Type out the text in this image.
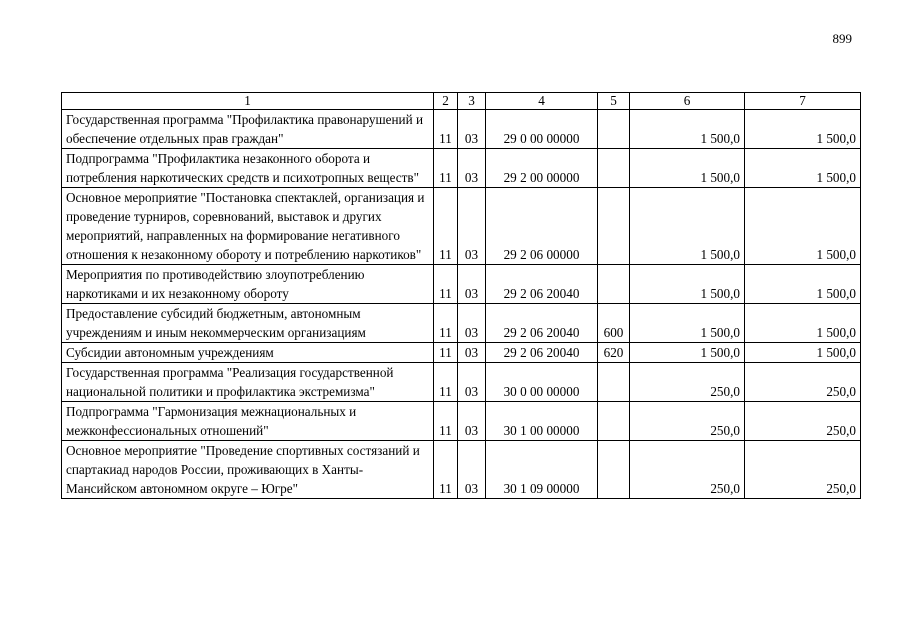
899
1	2	3	4	5	6	7
Государственная программа "Профилактика правонарушений и обеспечение отдельных прав граждан"	11	03	29 0 00 00000		1 500,0	1 500,0
Подпрограмма "Профилактика незаконного оборота и потребления наркотических средств и психотропных веществ"	11	03	29 2 00 00000		1 500,0	1 500,0
Основное мероприятие "Постановка спектаклей, организация и проведение турниров, соревнований, выставок и других мероприятий, направленных на формирование негативного отношения к незаконному обороту и потреблению наркотиков"	11	03	29 2 06 00000		1 500,0	1 500,0
Мероприятия по противодействию злоупотреблению наркотиками и их незаконному обороту	11	03	29 2 06 20040		1 500,0	1 500,0
Предоставление субсидий бюджетным, автономным учреждениям и иным некоммерческим организациям	11	03	29 2 06 20040	600	1 500,0	1 500,0
Субсидии автономным учреждениям	11	03	29 2 06 20040	620	1 500,0	1 500,0
Государственная программа "Реализация государственной национальной политики и профилактика экстремизма"	11	03	30 0 00 00000		250,0	250,0
Подпрограмма "Гармонизация межнациональных и межконфессиональных отношений"	11	03	30 1 00 00000		250,0	250,0
Основное мероприятие "Проведение спортивных состязаний и спартакиад народов России, проживающих в Ханты-Мансийском автономном округе – Югре"	11	03	30 1 09 00000		250,0	250,0
